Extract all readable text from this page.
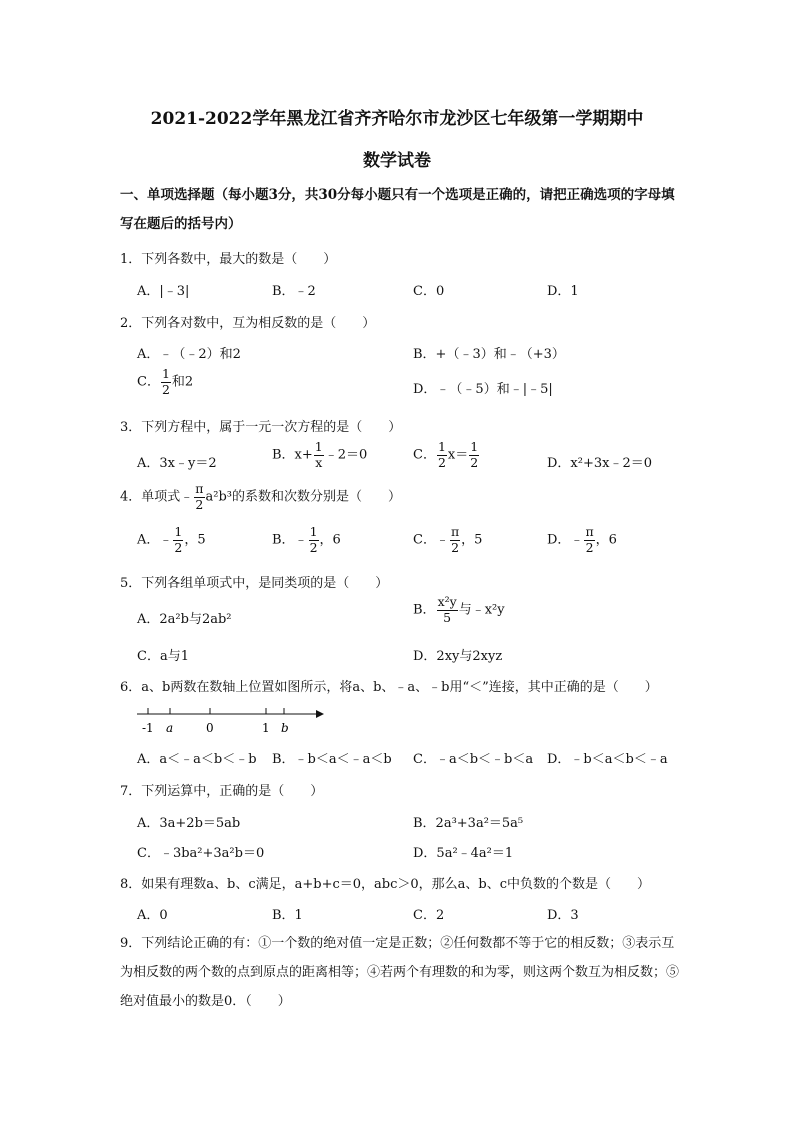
2021-2022学年黑龙江省齐齐哈尔市龙沙区七年级第一学期期中
数学试卷
一、单项选择题（每小题3分，共30分每小题只有一个选项是正确的，请把正确选项的字母填写在题后的括号内）
1．下列各数中，最大的数是（　　）
A．|﹣3|	B．﹣2	C．0	D．1
2．下列各对数中，互为相反数的是（　　）
A．﹣（﹣2）和2	B．+（﹣3）和﹣（+3）
C． $\frac{1}{2}$ 和2	D．﹣（﹣5）和﹣|﹣5|
3．下列方程中，属于一元一次方程的是（　　）
A．3x﹣y＝2
B．$x+ \frac{1}{x}$ ﹣2＝0	C． $\frac{1}{2} x= \frac{1}{2}$	D．x²+3x﹣2＝0
4．单项式﹣ $\frac{\pi}{2} a^2b^3$的系数和次数分别是（　　）
A．﹣ $\frac{1}{2}$ ，5	B．﹣ $\frac{1}{2}$ ，6	C．﹣ $\frac{\pi}{2}$ ，5	D．﹣ $\frac{\pi}{2}$ ，6
5．下列各组单项式中，是同类项的是（　　）
A．2a²b与2ab²
B． $\frac{\text{x²y}}{5}$ 与﹣x²y
C．a与1	D．2xy与2xyz
6．a、b两数在数轴上位置如图所示，将a、b、﹣a、﹣b用“＜”连接，其中正确的是（　　）
-1 a	0	1 b
A．a＜﹣a＜b＜﹣b B．﹣b＜a＜﹣a＜b C．﹣a＜b＜﹣b＜a D．﹣b＜a＜b＜﹣a
7．下列运算中，正确的是（　　）
A．3a+2b＝5ab	B．2a³+3a²＝5a⁵
C．﹣3ba²+3a²b＝0	D．5a²﹣4a²＝1
8．如果有理数a、b、c满足，a+b+c＝0，abc＞0，那么a、b、c中负数的个数是（　　）
A．0	B．1	C．2	D．3
9．下列结论正确的有：①一个数的绝对值一定是正数；②任何数都不等于它的相反数；③表示互为相反数的两个数的点到原点的距离相等；④若两个有理数的和为零，则这两个数互为相反数；⑤绝对值最小的数是0．（　　）
